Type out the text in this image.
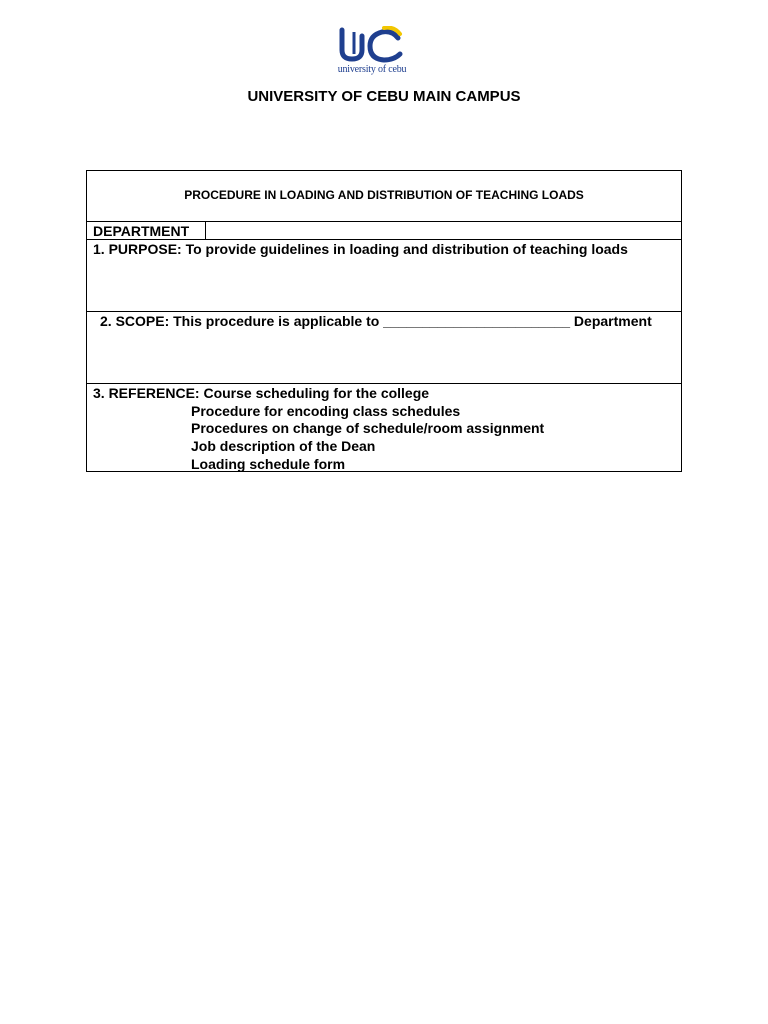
university of cebu
UNIVERSITY OF CEBU MAIN CAMPUS
PROCEDURE IN LOADING AND DISTRIBUTION OF TEACHING LOADS
DEPARTMENT
1. PURPOSE: To provide guidelines in loading and distribution of teaching loads
2. SCOPE: This procedure is applicable to ________________________ Department
3. REFERENCE: Course scheduling for the college
Procedure for encoding class schedules
Procedures on change of schedule/room assignment
Job description of the Dean
Loading schedule form
